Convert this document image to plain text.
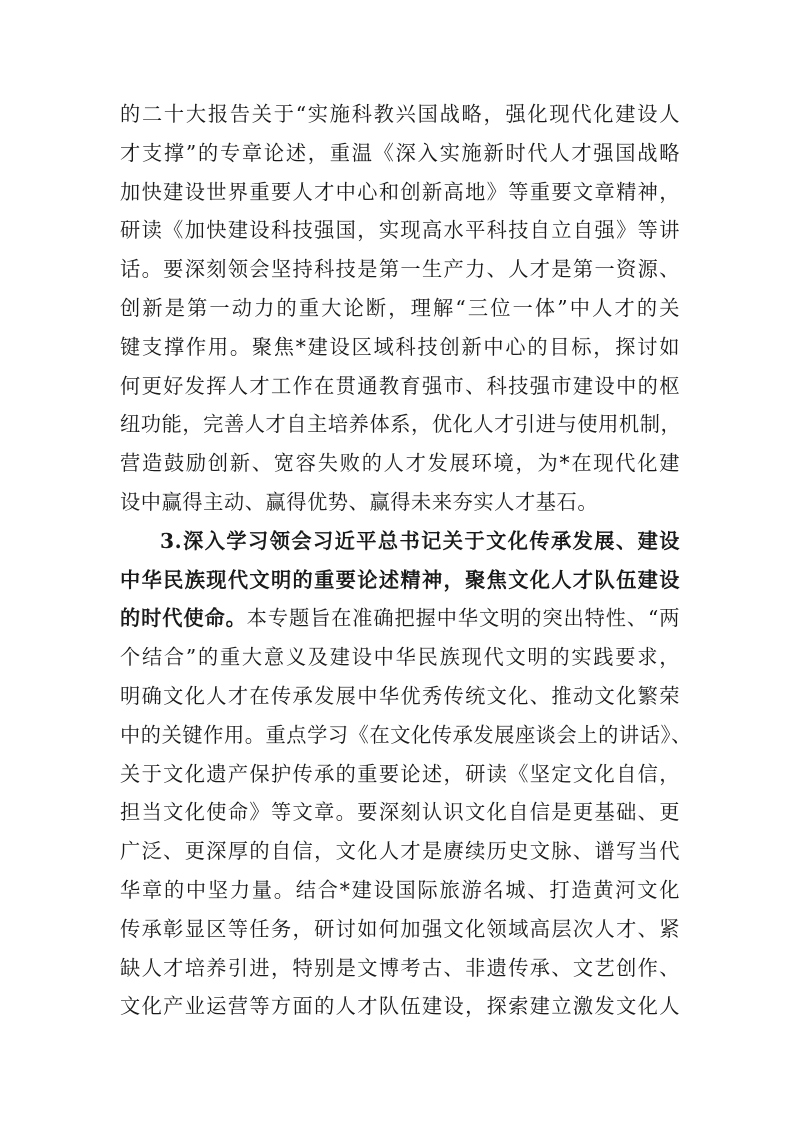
的二十大报告关于“实施科教兴国战略，强化现代化建设人
才支撑”的专章论述，重温《深入实施新时代人才强国战略
加快建设世界重要人才中心和创新高地》等重要文章精神，
研读《加快建设科技强国，实现高水平科技自立自强》等讲
话。要深刻领会坚持科技是第一生产力、人才是第一资源、
创新是第一动力的重大论断，理解“三位一体”中人才的关
键支撑作用。聚焦*建设区域科技创新中心的目标，探讨如
何更好发挥人才工作在贯通教育强市、科技强市建设中的枢
纽功能，完善人才自主培养体系，优化人才引进与使用机制，
营造鼓励创新、宽容失败的人才发展环境，为*在现代化建
设中赢得主动、赢得优势、赢得未来夯实人才基石。
3.深入学习领会习近平总书记关于文化传承发展、建设
中华民族现代文明的重要论述精神，聚焦文化人才队伍建设
的时代使命。本专题旨在准确把握中华文明的突出特性、“两
个结合”的重大意义及建设中华民族现代文明的实践要求，
明确文化人才在传承发展中华优秀传统文化、推动文化繁荣
中的关键作用。重点学习《在文化传承发展座谈会上的讲话》、
关于文化遗产保护传承的重要论述，研读《坚定文化自信，
担当文化使命》等文章。要深刻认识文化自信是更基础、更
广泛、更深厚的自信，文化人才是赓续历史文脉、谱写当代
华章的中坚力量。结合*建设国际旅游名城、打造黄河文化
传承彰显区等任务，研讨如何加强文化领域高层次人才、紧
缺人才培养引进，特别是文博考古、非遗传承、文艺创作、
文化产业运营等方面的人才队伍建设，探索建立激发文化人
